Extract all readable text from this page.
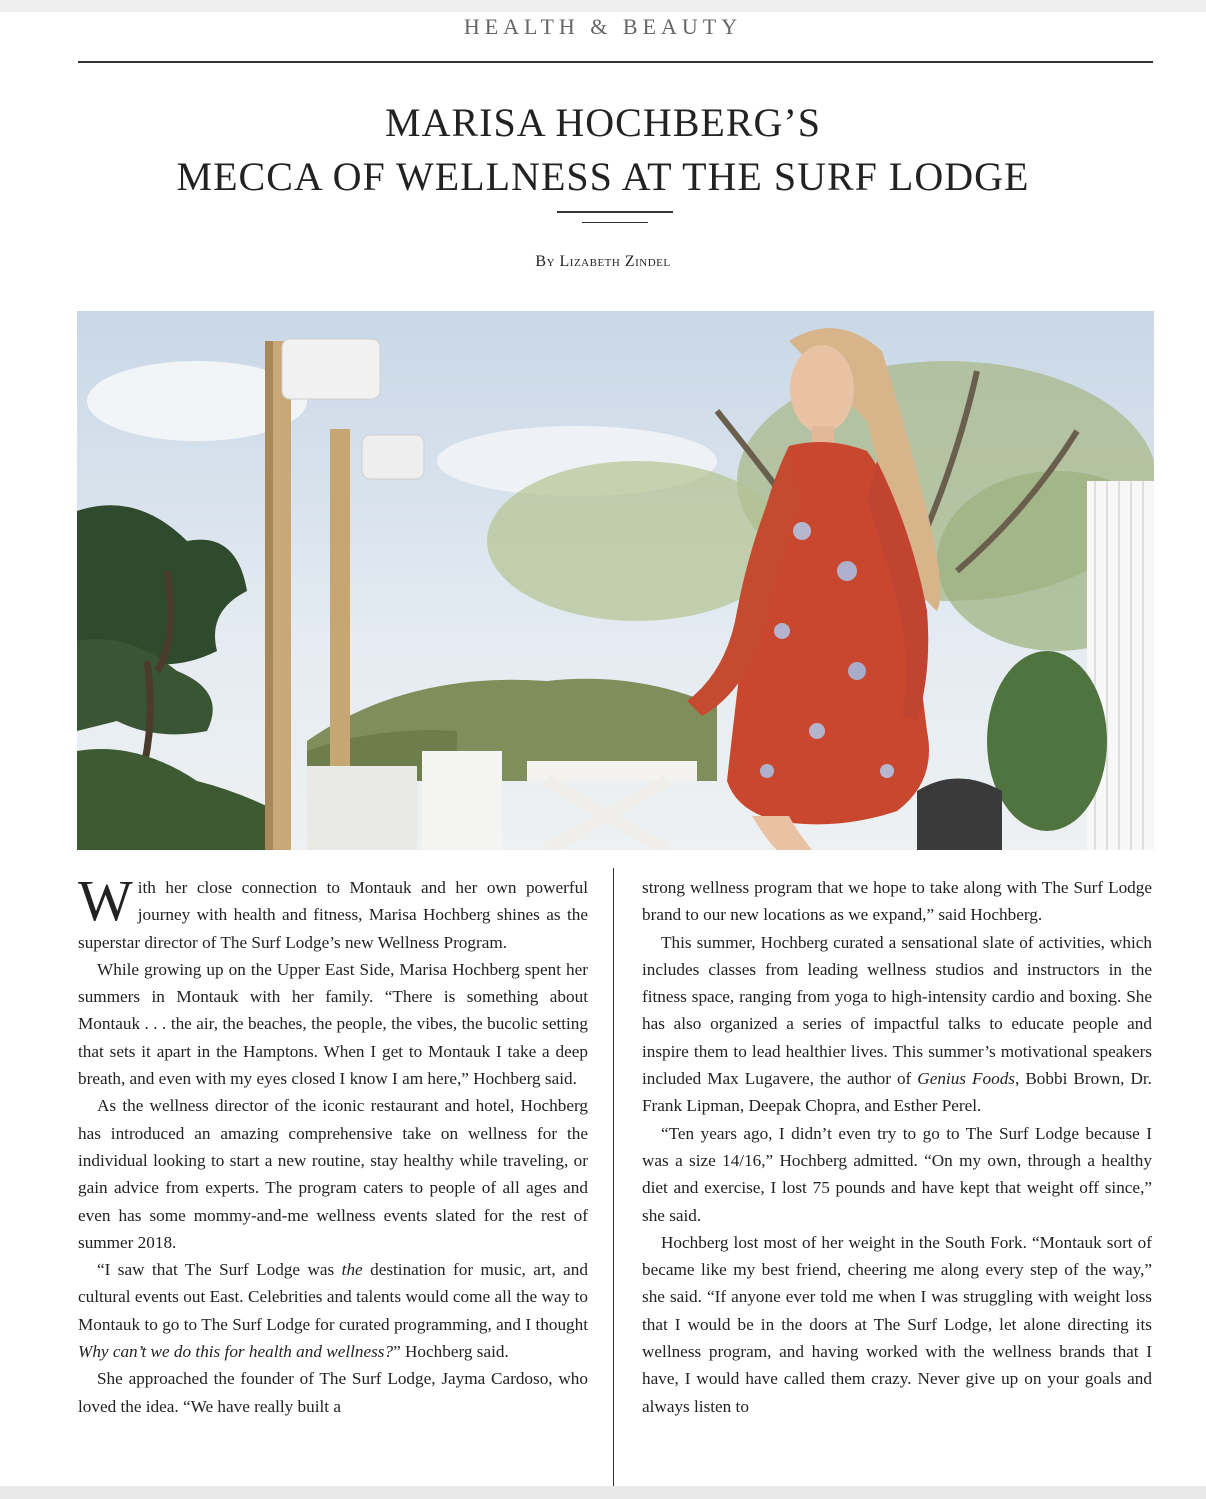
HEALTH & BEAUTY
MARISA HOCHBERG’S
MECCA OF WELLNESS AT THE SURF LODGE
By Lizabeth Zindel

W ith her close connection to Montauk and her own powerful journey with health and fitness, Marisa Hochberg shines as the superstar director of The Surf Lodge’s new Wellness Program.

While growing up on the Upper East Side, Marisa Hochberg spent her summers in Montauk with her family. “There is something about Montauk . . . the air, the beaches, the people, the vibes, the bucolic setting that sets it apart in the Hamptons. When I get to Montauk I take a deep breath, and even with my eyes closed I know I am here,” Hochberg said.

As the wellness director of the iconic restaurant and hotel, Hochberg has introduced an amazing comprehensive take on wellness for the individual looking to start a new routine, stay healthy while traveling, or gain advice from experts. The program caters to people of all ages and even has some mommy-and-me wellness events slated for the rest of summer 2018.

“I saw that The Surf Lodge was the destination for music, art, and cultural events out East. Celebrities and talents would come all the way to Montauk to go to The Surf Lodge for curated programming, and I thought Why can’t we do this for health and wellness?” Hochberg said.

She approached the founder of The Surf Lodge, Jayma Cardoso, who loved the idea. “We have really built a

strong wellness program that we hope to take along with The Surf Lodge brand to our new locations as we expand,” said Hochberg.

This summer, Hochberg curated a sensational slate of activities, which includes classes from leading wellness studios and instructors in the fitness space, ranging from yoga to high-intensity cardio and boxing. She has also organized a series of impactful talks to educate people and inspire them to lead healthier lives. This summer’s motivational speakers included Max Lugavere, the author of Genius Foods, Bobbi Brown, Dr. Frank Lipman, Deepak Chopra, and Esther Perel.

“Ten years ago, I didn’t even try to go to The Surf Lodge because I was a size 14/16,” Hochberg admitted. “On my own, through a healthy diet and exercise, I lost 75 pounds and have kept that weight off since,” she said.

Hochberg lost most of her weight in the South Fork. “Montauk sort of became like my best friend, cheering me along every step of the way,” she said. “If anyone ever told me when I was struggling with weight loss that I would be in the doors at The Surf Lodge, let alone directing its wellness program, and having worked with the wellness brands that I have, I would have called them crazy. Never give up on your goals and always listen to
